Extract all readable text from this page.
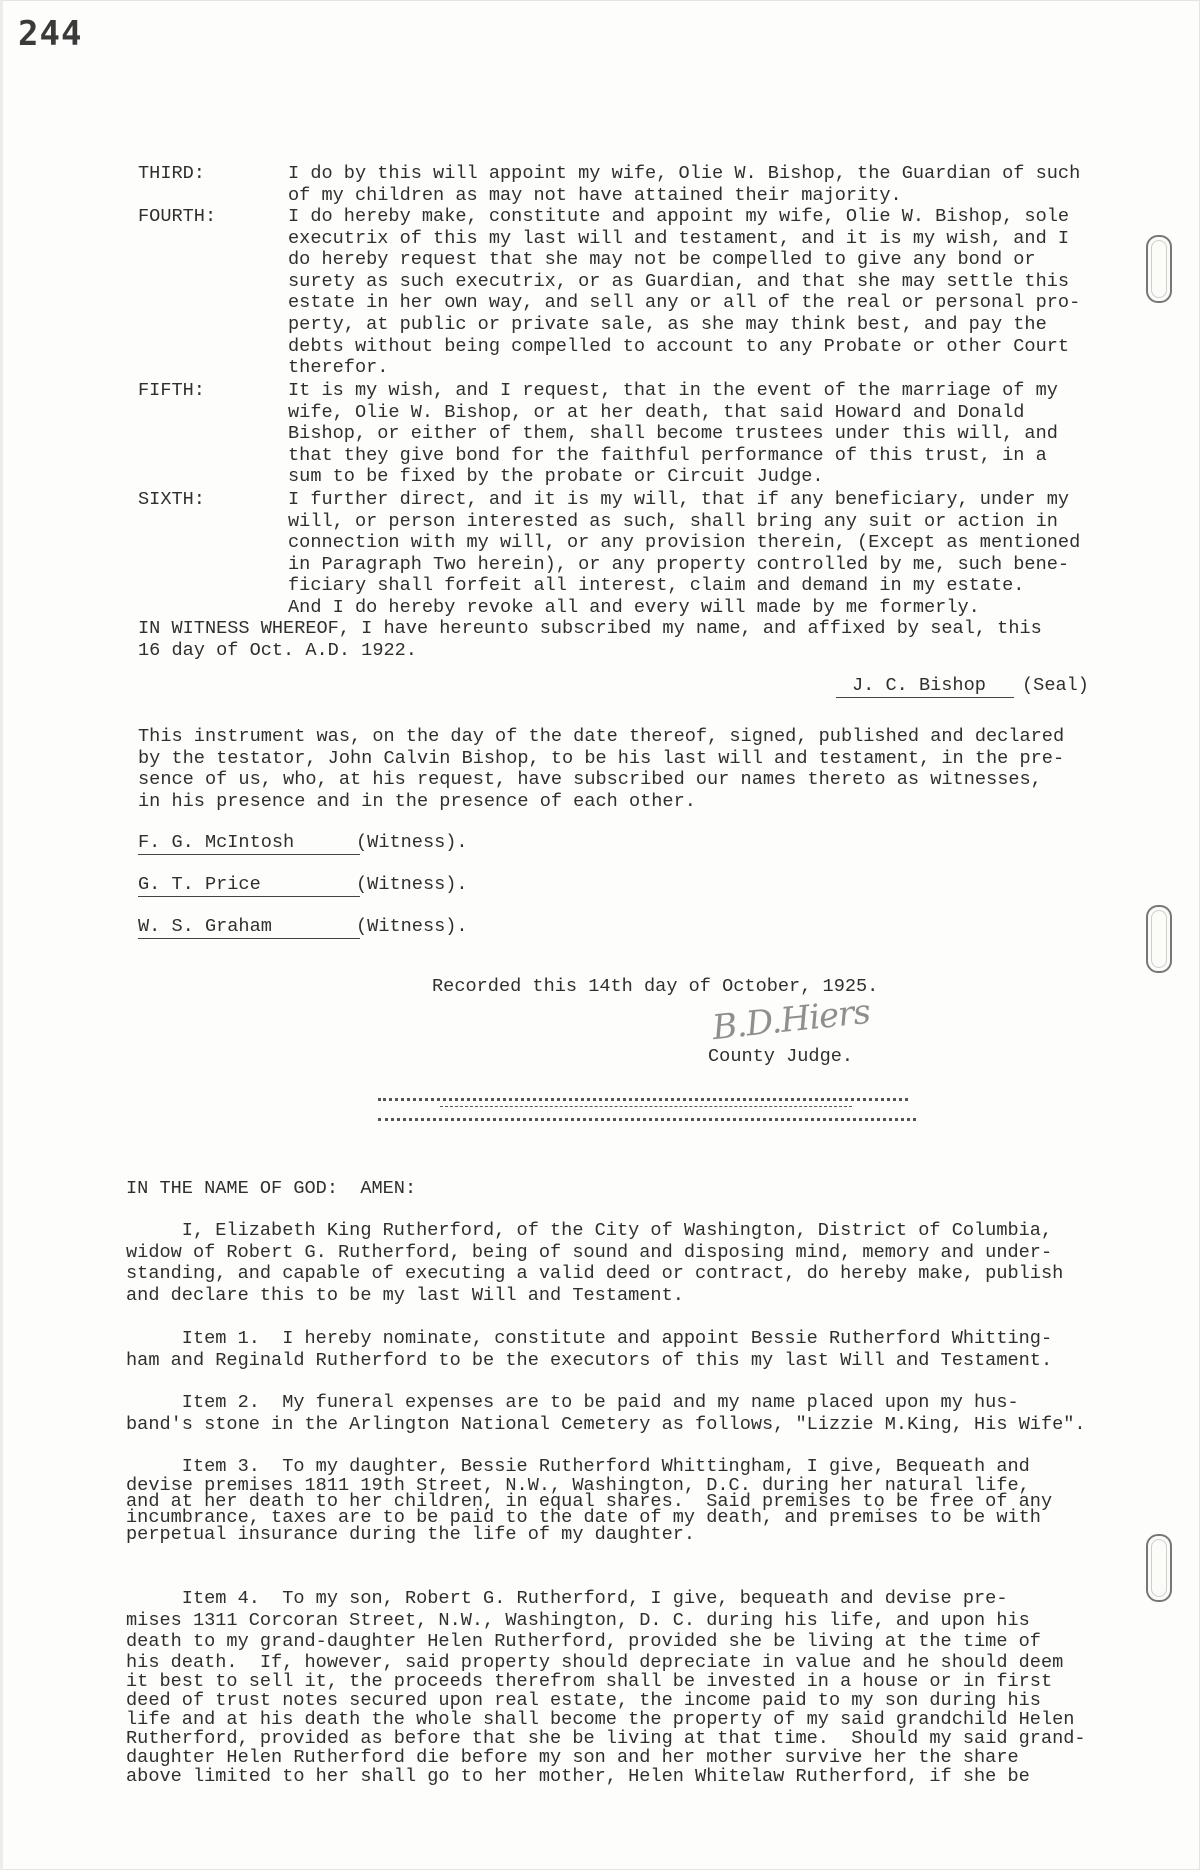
244
THIRD:	I do by this will appoint my wife, Olie W. Bishop, the Guardian of such
of my children as may not have attained their majority.
FOURTH:	I do hereby make, constitute and appoint my wife, Olie W. Bishop, sole
executrix of this my last will and testament, and it is my wish, and I
do hereby request that she may not be compelled to give any bond or
surety as such executrix, or as Guardian, and that she may settle this
estate in her own way, and sell any or all of the real or personal pro-
perty, at public or private sale, as she may think best, and pay the
debts without being compelled to account to any Probate or other Court
therefor.
FIFTH:	It is my wish, and I request, that in the event of the marriage of my
wife, Olie W. Bishop, or at her death, that said Howard and Donald
Bishop, or either of them, shall become trustees under this will, and
that they give bond for the faithful performance of this trust, in a
sum to be fixed by the probate or Circuit Judge.
SIXTH:	I further direct, and it is my will, that if any beneficiary, under my
will, or person interested as such, shall bring any suit or action in
connection with my will, or any provision therein, (Except as mentioned
in Paragraph Two herein), or any property controlled by me, such bene-
ficiary shall forfeit all interest, claim and demand in my estate.
And I do hereby revoke all and every will made by me formerly.
IN WITNESS WHEREOF, I have hereunto subscribed my name, and affixed by seal, this
16 day of Oct. A.D. 1922.
J. C. Bishop (Seal)
This instrument was, on the day of the date thereof, signed, published and declared
by the testator, John Calvin Bishop, to be his last will and testament, in the pre-
sence of us, who, at his request, have subscribed our names thereto as witnesses,
in his presence and in the presence of each other.
F. G. McIntosh	(Witness).
G. T. Price	(Witness).
W. S. Graham	(Witness).
Recorded this 14th day of October, 1925.
B.D.Hiers
County Judge.
IN THE NAME OF GOD:  AMEN:
I, Elizabeth King Rutherford, of the City of Washington, District of Columbia,
widow of Robert G. Rutherford, being of sound and disposing mind, memory and under-
standing, and capable of executing a valid deed or contract, do hereby make, publish
and declare this to be my last Will and Testament.
Item 1.  I hereby nominate, constitute and appoint Bessie Rutherford Whitting-
ham and Reginald Rutherford to be the executors of this my last Will and Testament.
Item 2.  My funeral expenses are to be paid and my name placed upon my hus-
band's stone in the Arlington National Cemetery as follows, "Lizzie M.King, His Wife".
Item 3.  To my daughter, Bessie Rutherford Whittingham, I give, Bequeath and
devise premises 1811 19th Street, N.W., Washington, D.C. during her natural life,
and at her death to her children, in equal shares.  Said premises to be free of any
incumbrance, taxes are to be paid to the date of my death, and premises to be with
perpetual insurance during the life of my daughter.
Item 4.  To my son, Robert G. Rutherford, I give, bequeath and devise pre-
mises 1311 Corcoran Street, N.W., Washington, D. C. during his life, and upon his
death to my grand-daughter Helen Rutherford, provided she be living at the time of
his death.  If, however, said property should depreciate in value and he should deem
it best to sell it, the proceeds therefrom shall be invested in a house or in first
deed of trust notes secured upon real estate, the income paid to my son during his
life and at his death the whole shall become the property of my said grandchild Helen
Rutherford, provided as before that she be living at that time.  Should my said grand-
daughter Helen Rutherford die before my son and her mother survive her the share
above limited to her shall go to her mother, Helen Whitelaw Rutherford, if she be
